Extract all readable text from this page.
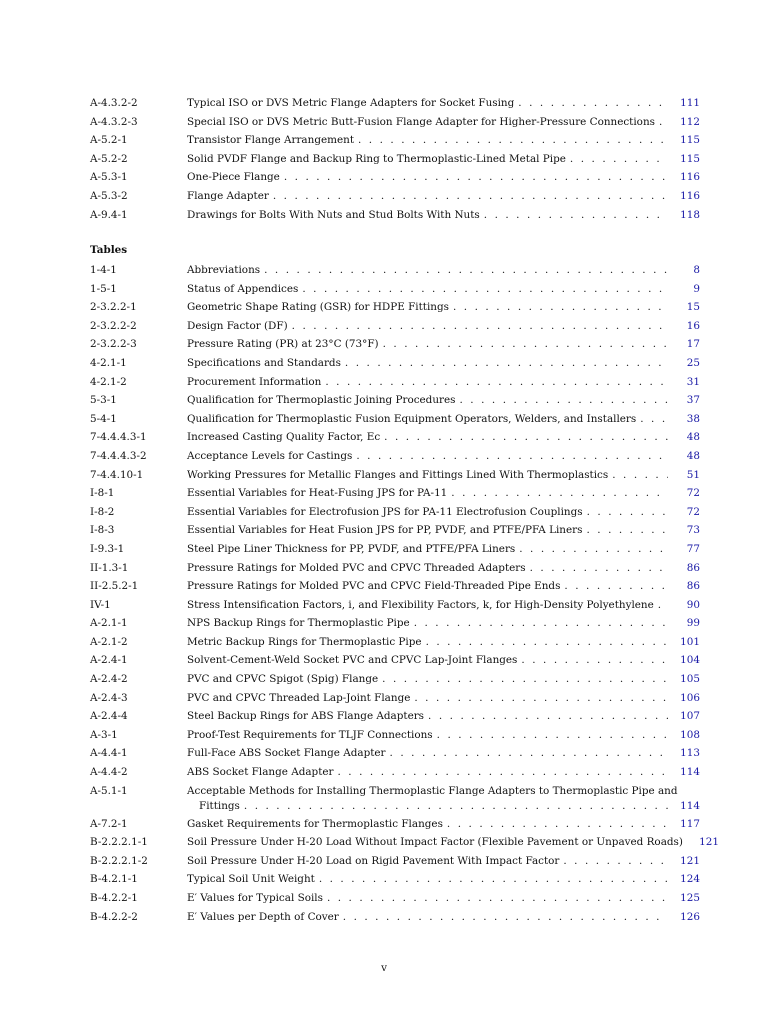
A-4.3.2-2	Typical ISO or DVS Metric Flange Adapters for Socket Fusing . . .	111
A-4.3.2-3	Special ISO or DVS Metric Butt-Fusion Flange Adapter for Higher-Pressure Connections . . .	112
A-5.2-1	Transistor Flange Arrangement . . .	115
A-5.2-2	Solid PVDF Flange and Backup Ring to Thermoplastic-Lined Metal Pipe . . .	115
A-5.3-1	One-Piece Flange . . .	116
A-5.3-2	Flange Adapter . . .	116
A-9.4-1	Drawings for Bolts With Nuts and Stud Bolts With Nuts . . .	118
Tables
1-4-1	Abbreviations . . .	8
1-5-1	Status of Appendices . . .	9
2-3.2.2-1	Geometric Shape Rating (GSR) for HDPE Fittings . . .	15
2-3.2.2-2	Design Factor (DF) . . .	16
2-3.2.2-3	Pressure Rating (PR) at 23°C (73°F) . . .	17
4-2.1-1	Specifications and Standards . . .	25
4-2.1-2	Procurement Information . . .	31
5-3-1	Qualification for Thermoplastic Joining Procedures . . .	37
5-4-1	Qualification for Thermoplastic Fusion Equipment Operators, Welders, and Installers . . .	38
7-4.4.4.3-1	Increased Casting Quality Factor, Ec . . .	48
7-4.4.4.3-2	Acceptance Levels for Castings . . .	48
7-4.4.10-1	Working Pressures for Metallic Flanges and Fittings Lined With Thermoplastics . . .	51
I-8-1	Essential Variables for Heat-Fusing JPS for PA-11 . . .	72
I-8-2	Essential Variables for Electrofusion JPS for PA-11 Electrofusion Couplings . . .	72
I-8-3	Essential Variables for Heat Fusion JPS for PP, PVDF, and PTFE/PFA Liners . . .	73
I-9.3-1	Steel Pipe Liner Thickness for PP, PVDF, and PTFE/PFA Liners . . .	77
II-1.3-1	Pressure Ratings for Molded PVC and CPVC Threaded Adapters . . .	86
II-2.5.2-1	Pressure Ratings for Molded PVC and CPVC Field-Threaded Pipe Ends . . .	86
IV-1	Stress Intensification Factors, i, and Flexibility Factors, k, for High-Density Polyethylene . . .	90
A-2.1-1	NPS Backup Rings for Thermoplastic Pipe . . .	99
A-2.1-2	Metric Backup Rings for Thermoplastic Pipe . . .	101
A-2.4-1	Solvent-Cement-Weld Socket PVC and CPVC Lap-Joint Flanges . . .	104
A-2.4-2	PVC and CPVC Spigot (Spig) Flange . . .	105
A-2.4-3	PVC and CPVC Threaded Lap-Joint Flange . . .	106
A-2.4-4	Steel Backup Rings for ABS Flange Adapters . . .	107
A-3-1	Proof-Test Requirements for TLJF Connections . . .	108
A-4.4-1	Full-Face ABS Socket Flange Adapter . . .	113
A-4.4-2	ABS Socket Flange Adapter . . .	114
A-5.1-1	Acceptable Methods for Installing Thermoplastic Flange Adapters to Thermoplastic Pipe and
Fittings . . .	114
A-7.2-1	Gasket Requirements for Thermoplastic Flanges . . .	117
B-2.2.2.1-1	Soil Pressure Under H-20 Load Without Impact Factor (Flexible Pavement or Unpaved Roads) . . .	121
B-2.2.2.1-2	Soil Pressure Under H-20 Load on Rigid Pavement With Impact Factor . . .	121
B-4.2.1-1	Typical Soil Unit Weight . . .	124
B-4.2.2-1	E′ Values for Typical Soils . . .	125
B-4.2.2-2	E′ Values per Depth of Cover . . .	126
v
